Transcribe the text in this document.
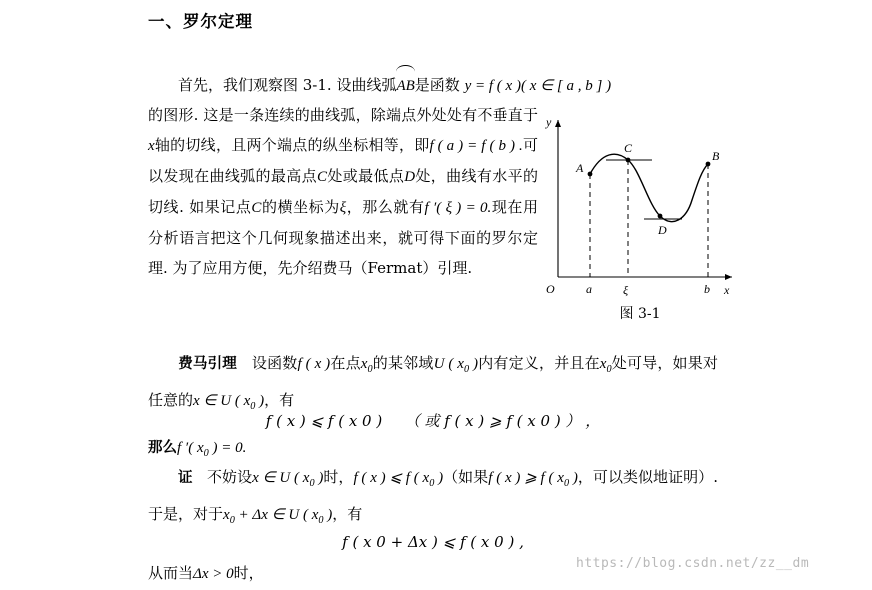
一、罗尔定理
首先，我们观察图 3-1. 设曲线弧
AB是函数 y = f ( x )( x ∈ [ a , b ] )
的图形. 这是一条连续的曲线弧，除端点外处处有不垂直于x轴的切线，且两个端点的纵坐标相等，即f ( a ) = f ( b ) .可以发现在曲线弧的最高点C处或最低点D处，曲线有水平的切线. 如果记点C的横坐标为ξ，那么就有f ′( ξ ) = 0.现在用分析语言把这个几何现象描述出来，就可得下面的罗尔定理. 为了应用方便，先介绍费马（Fermat）引理.
y
x
O	a	ξ	b
A
B
C
D
图 3-1
费马引理 设函数f ( x )在点$x_0$的某邻域U ( $x_0$ )内有定义，并且在$x_0$处可导，如果对任意的x ∈ U ( $x_0$ )，有
f ( x ) ⩽ f ( x 0 )　　（ 或 f ( x ) ⩾ f ( x 0 ) ） ，
那么f ′( $x_0$ ) = 0.
证 不妨设x ∈ U ( $x_0$ )时，f ( x ) ⩽ f ( $x_0$ )（如果f ( x ) ⩾ f ( $x_0$ )，可以类似地证明）. 于是，对于$x_0 + \Delta x$ ∈ U ( $x_0$ )，有
f ( x 0 + Δx ) ⩽ f ( x 0 ) ,
从而当Δx > 0时，
https://blog.csdn.net/zz__dm
